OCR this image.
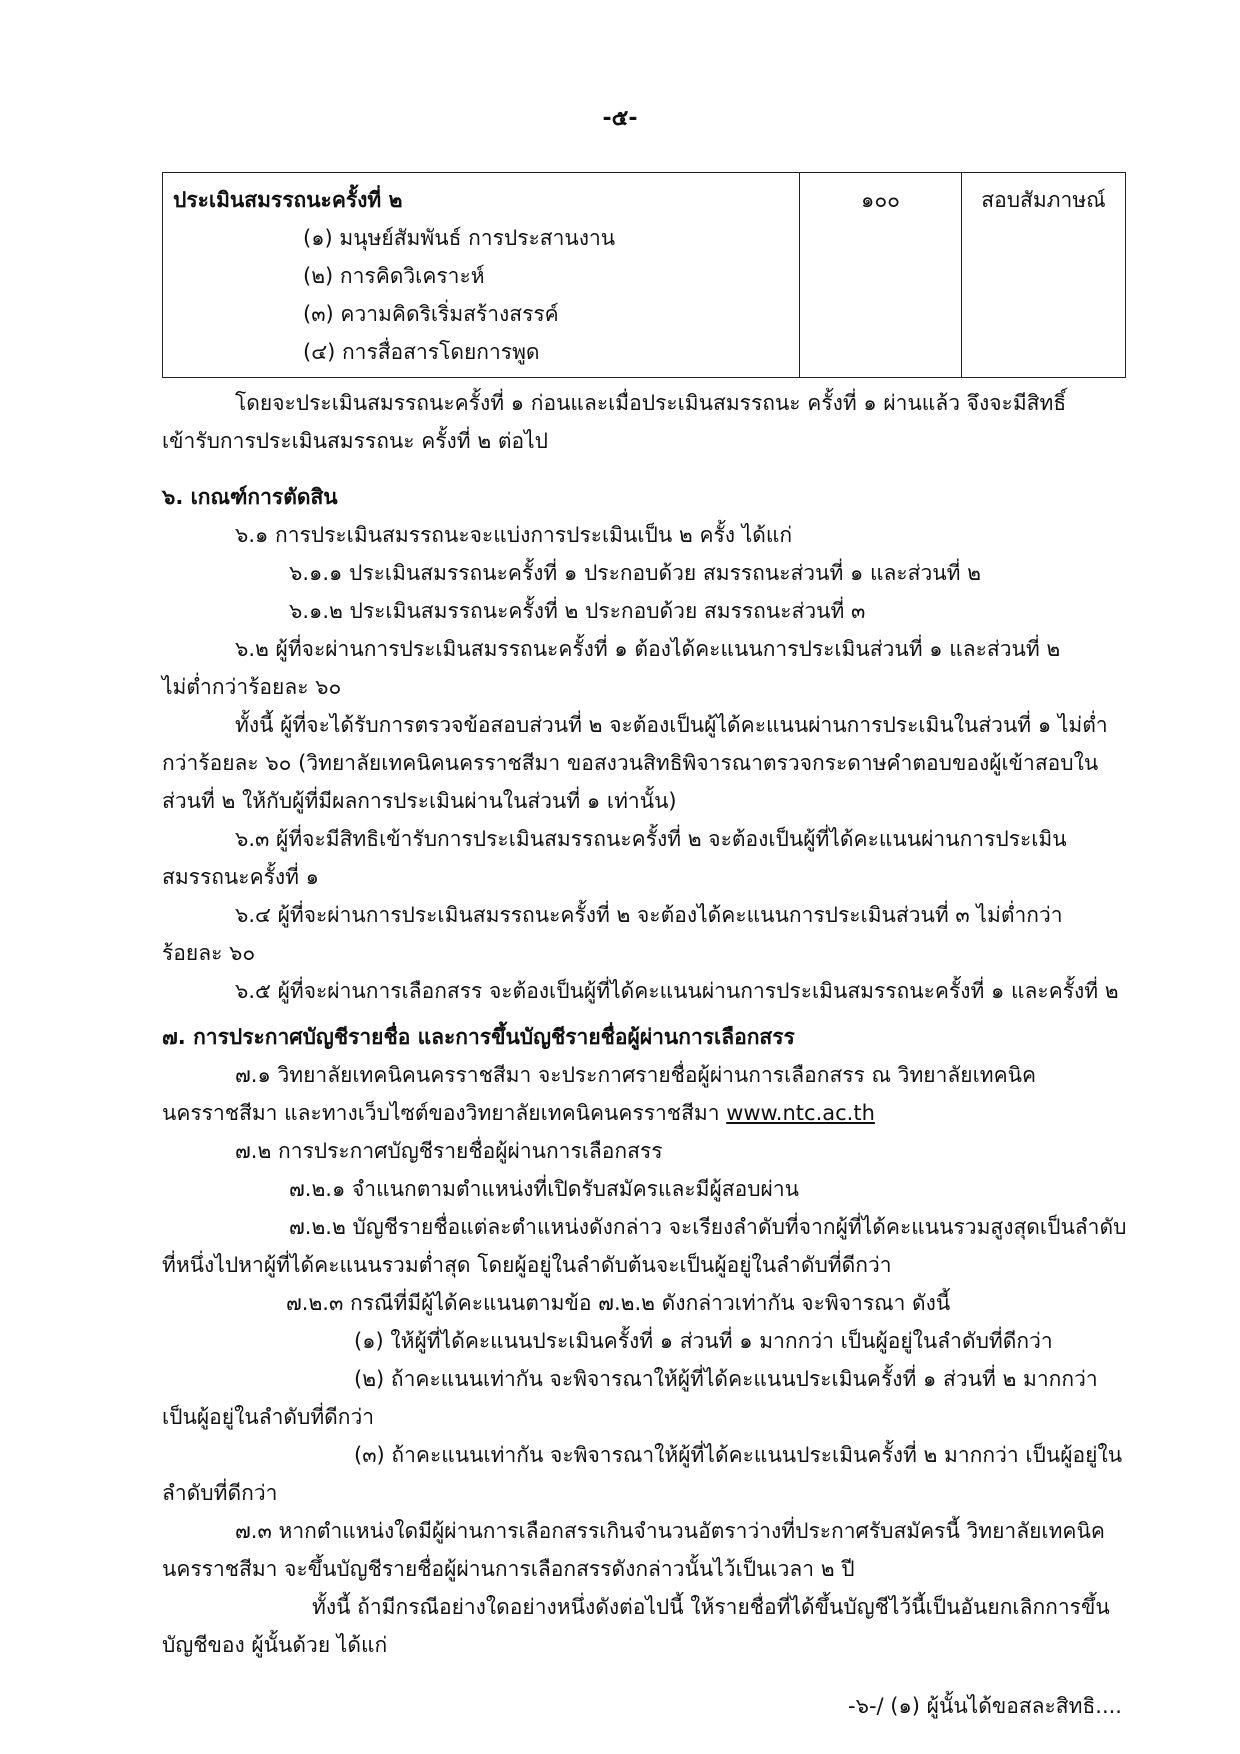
-๕-
ประเมินสมรรถนะครั้งที่ ๒
(๑) มนุษย์สัมพันธ์ การประสานงาน
(๒) การคิดวิเคราะห์
(๓) ความคิดริเริ่มสร้างสรรค์
(๔) การสื่อสารโดยการพูด
	๑๐๐	สอบสัมภาษณ์
โดยจะประเมินสมรรถนะครั้งที่ ๑ ก่อนและเมื่อประเมินสมรรถนะ ครั้งที่ ๑ ผ่านแล้ว จึงจะมีสิทธิ์
เข้ารับการประเมินสมรรถนะ ครั้งที่ ๒ ต่อไป
๖. เกณฑ์การตัดสิน
๖.๑ การประเมินสมรรถนะจะแบ่งการประเมินเป็น ๒ ครั้ง ได้แก่
๖.๑.๑ ประเมินสมรรถนะครั้งที่ ๑ ประกอบด้วย สมรรถนะส่วนที่ ๑ และส่วนที่ ๒
๖.๑.๒ ประเมินสมรรถนะครั้งที่ ๒ ประกอบด้วย สมรรถนะส่วนที่ ๓
๖.๒ ผู้ที่จะผ่านการประเมินสมรรถนะครั้งที่ ๑ ต้องได้คะแนนการประเมินส่วนที่ ๑ และส่วนที่ ๒
ไม่ต่ำกว่าร้อยละ ๖๐
ทั้งนี้ ผู้ที่จะได้รับการตรวจข้อสอบส่วนที่ ๒ จะต้องเป็นผู้ได้คะแนนผ่านการประเมินในส่วนที่ ๑ ไม่ต่ำ
กว่าร้อยละ ๖๐ (วิทยาลัยเทคนิคนครราชสีมา ขอสงวนสิทธิพิจารณาตรวจกระดาษคำตอบของผู้เข้าสอบใน
ส่วนที่ ๒ ให้กับผู้ที่มีผลการประเมินผ่านในส่วนที่ ๑ เท่านั้น)
๖.๓ ผู้ที่จะมีสิทธิเข้ารับการประเมินสมรรถนะครั้งที่ ๒ จะต้องเป็นผู้ที่ได้คะแนนผ่านการประเมิน
สมรรถนะครั้งที่ ๑
๖.๔ ผู้ที่จะผ่านการประเมินสมรรถนะครั้งที่ ๒ จะต้องได้คะแนนการประเมินส่วนที่ ๓ ไม่ต่ำกว่า
ร้อยละ ๖๐
๖.๕ ผู้ที่จะผ่านการเลือกสรร จะต้องเป็นผู้ที่ได้คะแนนผ่านการประเมินสมรรถนะครั้งที่ ๑ และครั้งที่ ๒
๗. การประกาศบัญชีรายชื่อ และการขึ้นบัญชีรายชื่อผู้ผ่านการเลือกสรร
๗.๑ วิทยาลัยเทคนิคนครราชสีมา จะประกาศรายชื่อผู้ผ่านการเลือกสรร ณ วิทยาลัยเทคนิค
นครราชสีมา และทางเว็บไซต์ของวิทยาลัยเทคนิคนครราชสีมา www.ntc.ac.th
๗.๒ การประกาศบัญชีรายชื่อผู้ผ่านการเลือกสรร
๗.๒.๑ จำแนกตามตำแหน่งที่เปิดรับสมัครและมีผู้สอบผ่าน
๗.๒.๒ บัญชีรายชื่อแต่ละตำแหน่งดังกล่าว จะเรียงลำดับที่จากผู้ที่ได้คะแนนรวมสูงสุดเป็นลำดับ
ที่หนึ่งไปหาผู้ที่ได้คะแนนรวมต่ำสุด โดยผู้อยู่ในลำดับต้นจะเป็นผู้อยู่ในลำดับที่ดีกว่า
๗.๒.๓ กรณีที่มีผู้ได้คะแนนตามข้อ ๗.๒.๒ ดังกล่าวเท่ากัน จะพิจารณา ดังนี้
(๑) ให้ผู้ที่ได้คะแนนประเมินครั้งที่ ๑ ส่วนที่ ๑ มากกว่า เป็นผู้อยู่ในลำดับที่ดีกว่า
(๒) ถ้าคะแนนเท่ากัน จะพิจารณาให้ผู้ที่ได้คะแนนประเมินครั้งที่ ๑ ส่วนที่ ๒ มากกว่า
เป็นผู้อยู่ในลำดับที่ดีกว่า
(๓) ถ้าคะแนนเท่ากัน จะพิจารณาให้ผู้ที่ได้คะแนนประเมินครั้งที่ ๒ มากกว่า เป็นผู้อยู่ใน
ลำดับที่ดีกว่า
๗.๓ หากตำแหน่งใดมีผู้ผ่านการเลือกสรรเกินจำนวนอัตราว่างที่ประกาศรับสมัครนี้ วิทยาลัยเทคนิค
นครราชสีมา จะขึ้นบัญชีรายชื่อผู้ผ่านการเลือกสรรดังกล่าวนั้นไว้เป็นเวลา ๒ ปี
ทั้งนี้ ถ้ามีกรณีอย่างใดอย่างหนึ่งดังต่อไปนี้ ให้รายชื่อที่ได้ขึ้นบัญชีไว้นี้เป็นอันยกเลิกการขึ้น
บัญชีของ ผู้นั้นด้วย ได้แก่
-๖-/ (๑) ผู้นั้นได้ขอสละสิทธิ....
